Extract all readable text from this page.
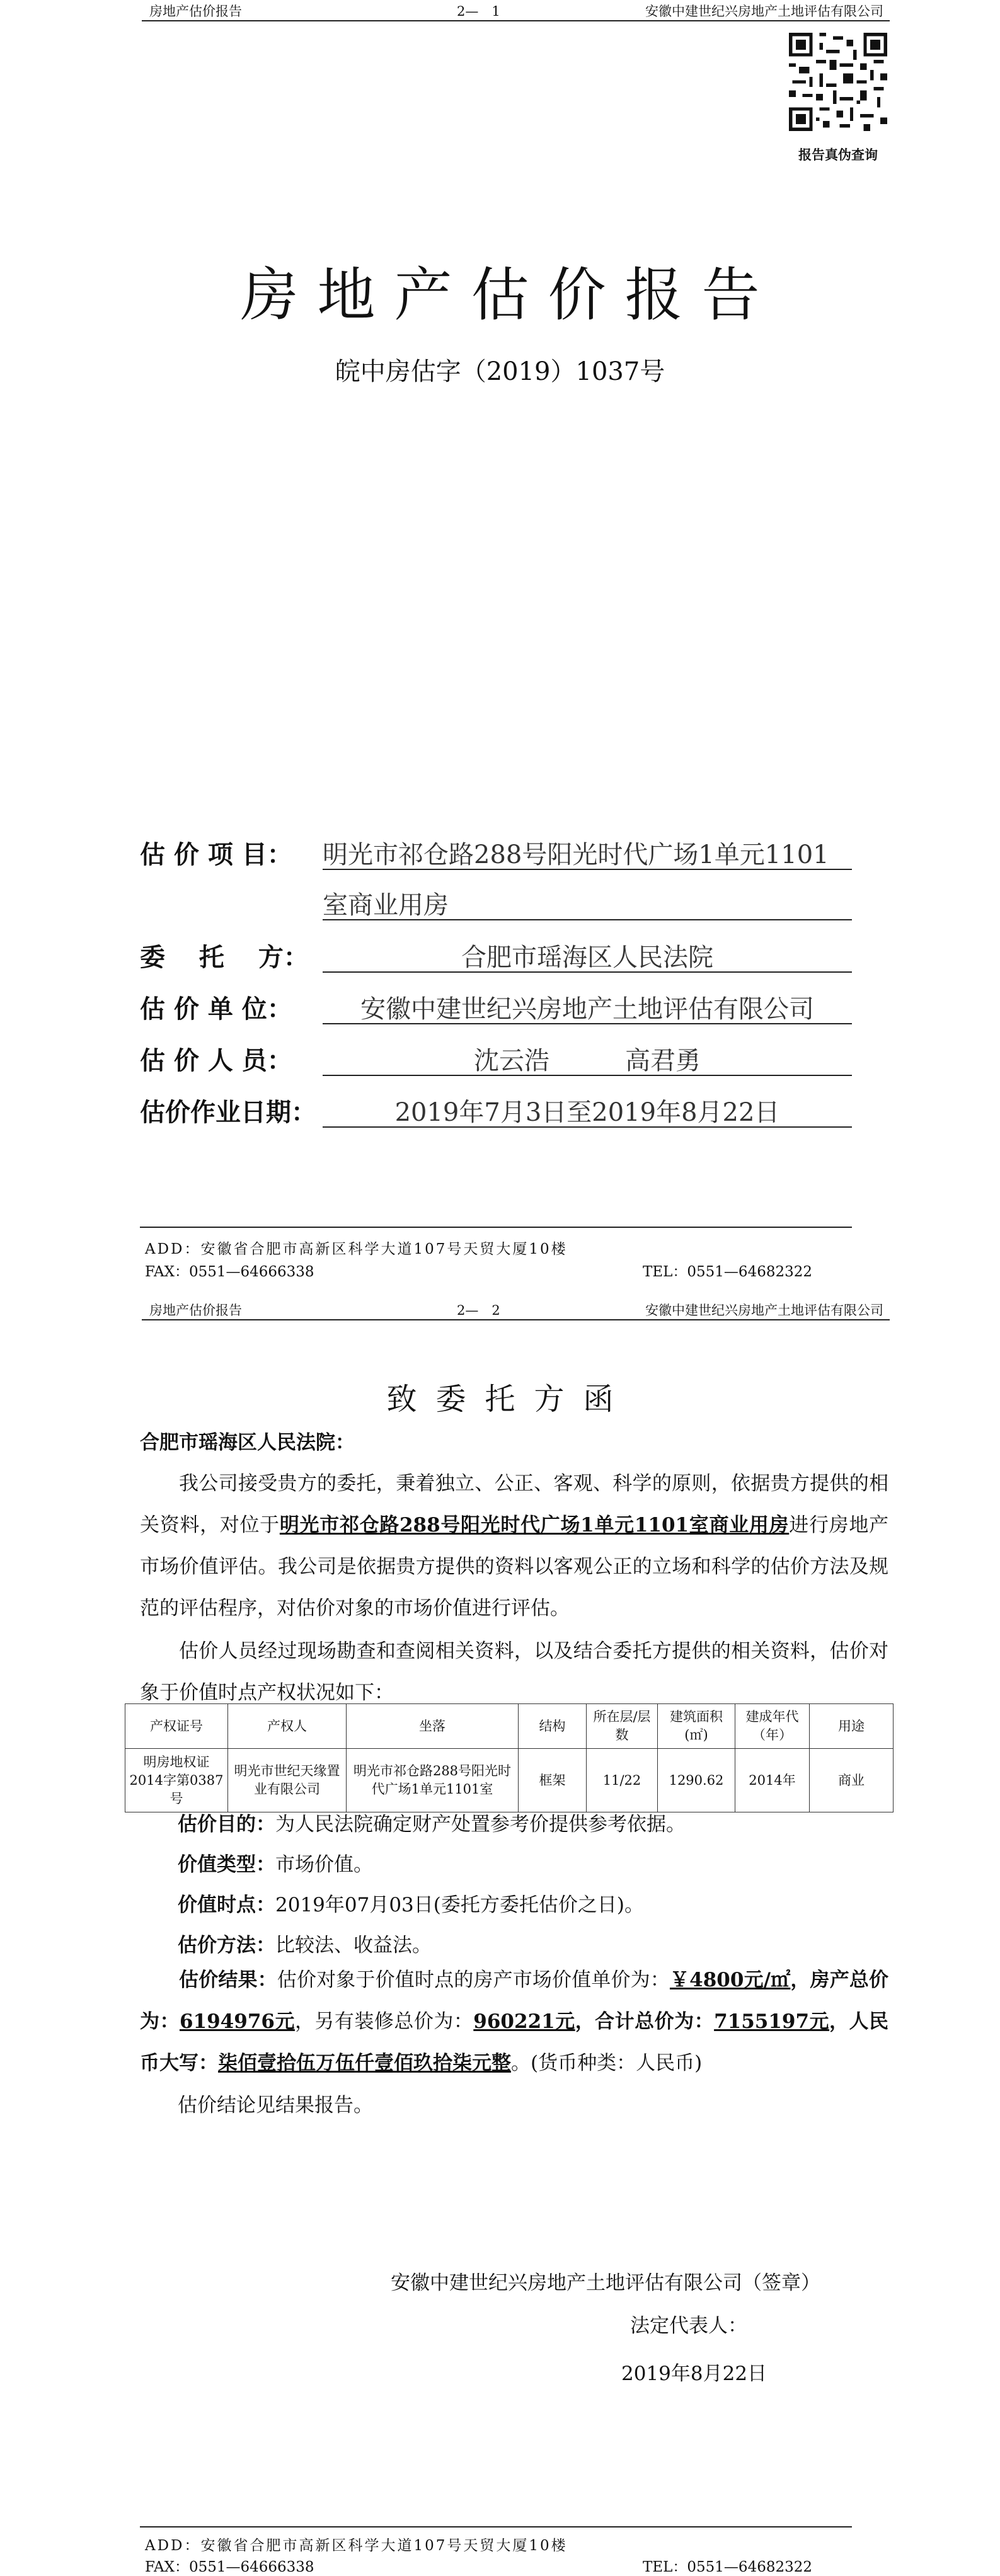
房地产估价报告	2—　1	安徽中建世纪兴房地产土地评估有限公司
报告真伪查询
房地产估价报告
皖中房估字（2019）1037号
估 价 项 目： 明光市祁仓路288号阳光时代广场1单元1101
室商业用房
委　 托　 方：	合肥市瑶海区人民法院
估 价 单 位：	安徽中建世纪兴房地产土地评估有限公司
估 价 人 员：	沈云浩　　　高君勇
估价作业日期：	2019年7月3日至2019年8月22日
ADD：安徽省合肥市高新区科学大道107号天贸大厦10楼
FAX：0551—64666338	TEL：0551—64682322
房地产估价报告	2—　2	安徽中建世纪兴房地产土地评估有限公司
致委托方函
合肥市瑶海区人民法院：
我公司接受贵方的委托，秉着独立、公正、客观、科学的原则，依据贵方提供的相关资料，对位于明光市祁仓路288号阳光时代广场1单元1101室商业用房进行房地产市场价值评估。我公司是依据贵方提供的资料以客观公正的立场和科学的估价方法及规范的评估程序，对估价对象的市场价值进行评估。
估价人员经过现场勘查和查阅相关资料，以及结合委托方提供的相关资料，估价对象于价值时点产权状况如下：
产权证号	产权人	坐落	结构	所在层/层数	建筑面积(㎡)	建成年代（年）	用途
明房地权证2014字第0387号	明光市世纪天缘置业有限公司	明光市祁仓路288号阳光时代广场1单元1101室	框架	11/22	1290.62	2014年	商业
估价目的：为人民法院确定财产处置参考价提供参考依据。
价值类型：市场价值。
价值时点：2019年07月03日(委托方委托估价之日)。
估价方法：比较法、收益法。
估价结果：估价对象于价值时点的房产市场价值单价为：￥4800元/㎡，房产总价为：6194976元，另有装修总价为：960221元，合计总价为：7155197元，人民币大写：柒佰壹拾伍万伍仟壹佰玖拾柒元整。(货币种类：人民币)
估价结论见结果报告。
安徽中建世纪兴房地产土地评估有限公司（签章）
法定代表人：
2019年8月22日
ADD：安徽省合肥市高新区科学大道107号天贸大厦10楼
FAX：0551—64666338	TEL：0551—64682322
